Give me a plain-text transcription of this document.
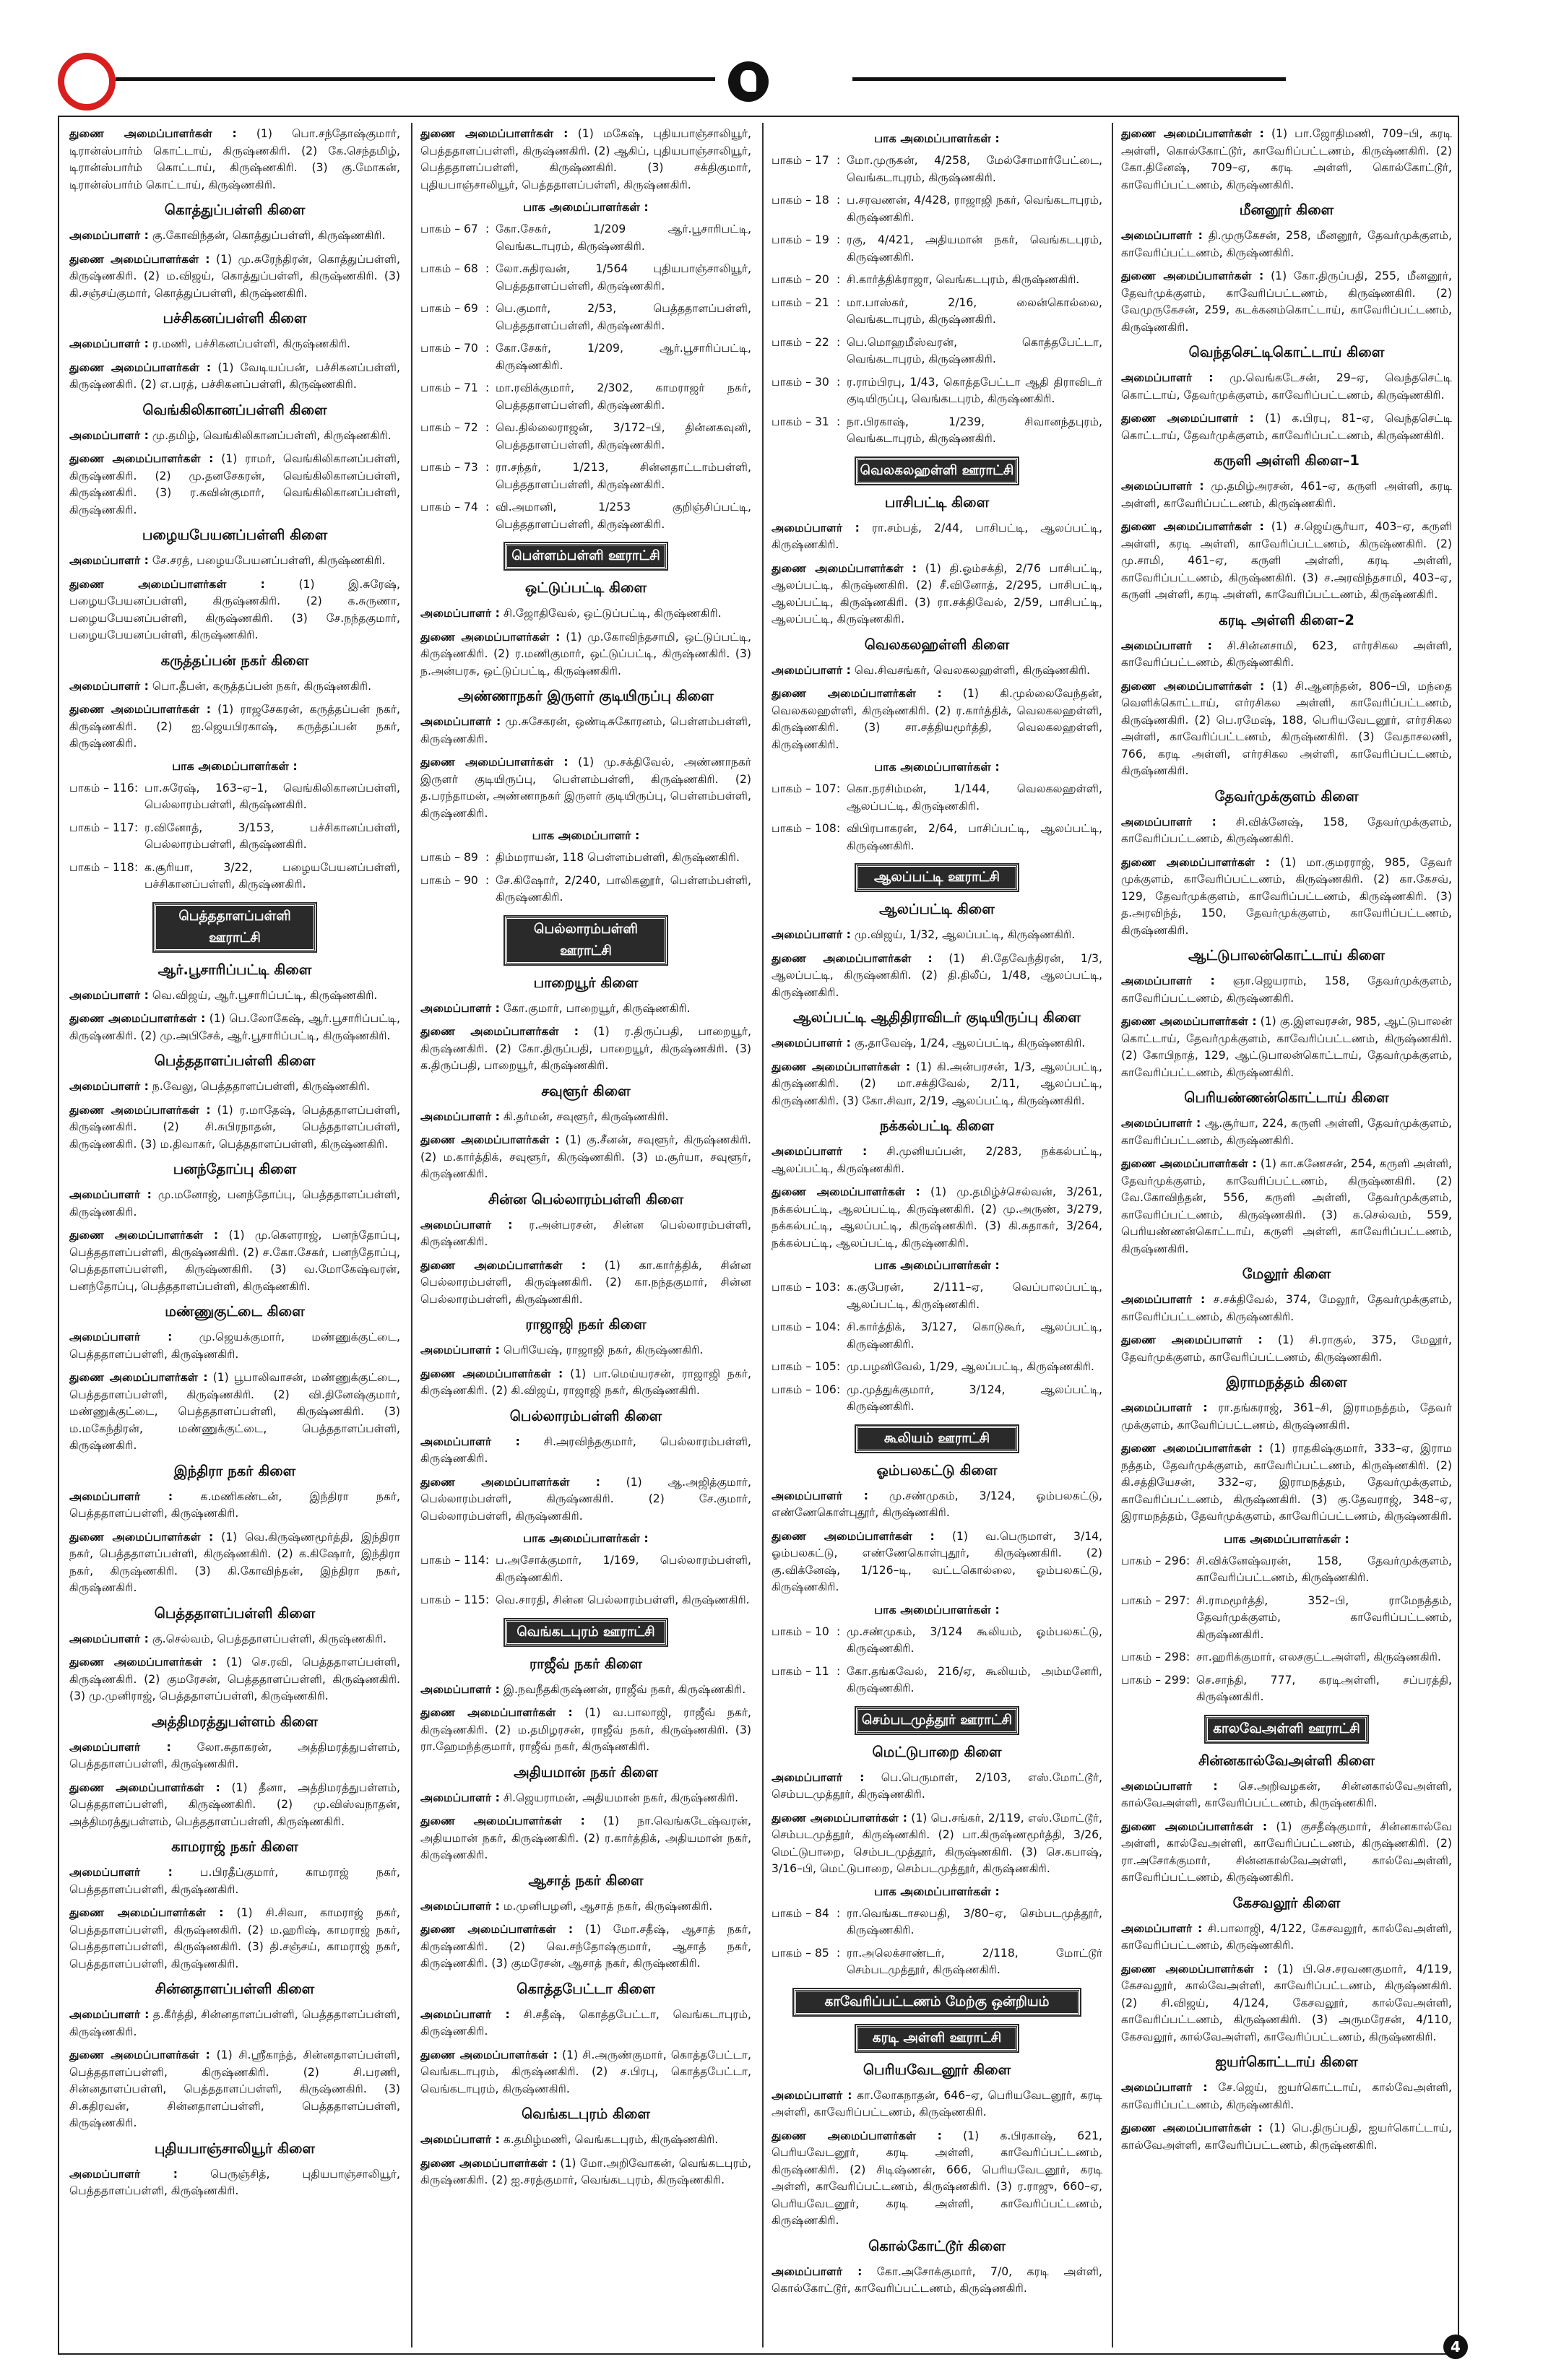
துணை அமைப்பாளர்கள் : (1) பொ.சந்தோஷ்குமார், டிரான்ஸ்பார்ம் கொட்டாய், கிருஷ்ணகிரி. (2) கே.செந்தமிழ், டிரான்ஸ்பார்ம் கொட்டாய், கிருஷ்ணகிரி. (3) கு.மோகன், டிரான்ஸ்பார்ம் கொட்டாய், கிருஷ்ணகிரி.

கொத்துப்பள்ளி கிளை

அமைப்பாளர் : கு.கோவிந்தன், கொத்துப்பள்ளி, கிருஷ்ணகிரி.

துணை அமைப்பாளர்கள் : (1) மு.சுரேந்திரன், கொத்துப்பள்ளி, கிருஷ்ணகிரி. (2) ம.விஜய், கொத்துப்பள்ளி, கிருஷ்ணகிரி. (3) கி.சஞ்சய்குமார், கொத்துப்பள்ளி, கிருஷ்ணகிரி.

பச்சிகனப்பள்ளி கிளை

அமைப்பாளர் : ர.மணி, பச்சிகனப்பள்ளி, கிருஷ்ணகிரி.

துணை அமைப்பாளர்கள் : (1) வேடியப்பன், பச்சிகனப்பள்ளி, கிருஷ்ணகிரி. (2) எ.பரத், பச்சிகனப்பள்ளி, கிருஷ்ணகிரி.

வெங்கிலிகானப்பள்ளி கிளை

அமைப்பாளர் : மு.தமிழ், வெங்கிலிகானப்பள்ளி, கிருஷ்ணகிரி.

துணை அமைப்பாளர்கள் : (1) ராமர், வெங்கிலிகானப்பள்ளி, கிருஷ்ணகிரி. (2) மு.தனசேகரன், வெங்கிலிகானப்பள்ளி, கிருஷ்ணகிரி. (3) ர.கவின்குமார், வெங்கிலிகானப்பள்ளி, கிருஷ்ணகிரி.

பழையபேயனப்பள்ளி கிளை

அமைப்பாளர் : சே.சரத், பழையபேயனப்பள்ளி, கிருஷ்ணகிரி.

துணை அமைப்பாளர்கள் :	(1) இ.சுரேஷ், பழையபேயனப்பள்ளி, கிருஷ்ணகிரி. (2) க.சுருணா, பழையபேயனப்பள்ளி, கிருஷ்ணகிரி. (3) சே.நந்தகுமார், பழையபேயனப்பள்ளி, கிருஷ்ணகிரி.

கருத்தப்பன் நகர் கிளை

அமைப்பாளர் : பொ.தீபன், கருத்தப்பன் நகர், கிருஷ்ணகிரி.

துணை அமைப்பாளர்கள் : (1) ராஜசேகரன், கருத்தப்பன் நகர், கிருஷ்ணகிரி. (2) ஐ.ஜெயபிரகாஷ், கருத்தப்பன் நகர், கிருஷ்ணகிரி.

பாக அமைப்பாளர்கள் :
பாகம் – 116 : பா.சுரேஷ், 163–ஏ–1, வெங்கிலிகானப்பள்ளி, பெல்லாரம்பள்ளி, கிருஷ்ணகிரி.
பாகம் – 117 : ர.வினோத், 3/153, பச்சிகானப்பள்ளி, பெல்லாரம்பள்ளி, கிருஷ்ணகிரி.
பாகம் – 118 : க.சூரியா, 3/22, பழையபேயனப்பள்ளி, பச்சிகானப்பள்ளி, கிருஷ்ணகிரி.
பெத்ததாளப்பள்ளி ஊராட்சி
ஆர்.பூசாரிப்பட்டி கிளை

அமைப்பாளர் : வெ.விஜய், ஆர்.பூசாரிப்பட்டி, கிருஷ்ணகிரி.

துணை அமைப்பாளர்கள் : (1) பெ.லோகேஷ், ஆர்.பூசாரிப்பட்டி, கிருஷ்ணகிரி. (2) மு.அபிசேக், ஆர்.பூசாரிப்பட்டி, கிருஷ்ணகிரி.

பெத்ததாளப்பள்ளி கிளை

அமைப்பாளர் : ந.வேலு, பெத்ததாளப்பள்ளி, கிருஷ்ணகிரி.

துணை அமைப்பாளர்கள் : (1) ர.மாதேஷ், பெத்ததாளப்பள்ளி, கிருஷ்ணகிரி. (2) சி.சுபிரநாதன், பெத்ததாளப்பள்ளி, கிருஷ்ணகிரி. (3) ம.திவாகர், பெத்ததாளப்பள்ளி, கிருஷ்ணகிரி.

பனந்தோப்பு கிளை

அமைப்பாளர் : மு.மனோஜ், பனந்தோப்பு, பெத்ததாளப்பள்ளி, கிருஷ்ணகிரி.

துணை அமைப்பாளர்கள் : (1) மு.கௌராஜ், பனந்தோப்பு, பெத்ததாளப்பள்ளி, கிருஷ்ணகிரி. (2) ச.கோ.சேகர், பனந்தோப்பு, பெத்ததாளப்பள்ளி, கிருஷ்ணகிரி. (3) வ.மோகேஷ்வரன், பனந்தோப்பு, பெத்ததாளப்பள்ளி, கிருஷ்ணகிரி.

மண்ணுகுட்டை கிளை

அமைப்பாளர் : மு.ஜெயக்குமார், மண்ணுக்குட்டை, பெத்ததாளப்பள்ளி, கிருஷ்ணகிரி.

துணை அமைப்பாளர்கள் : (1) பூபாலிவாசன், மண்ணுக்குட்டை, பெத்ததாளப்பள்ளி, கிருஷ்ணகிரி. (2) வி.தினேஷ்குமார், மண்ணுக்குட்டை, பெத்ததாளப்பள்ளி, கிருஷ்ணகிரி. (3) ம.மகேந்திரன், மண்ணுக்குட்டை, பெத்ததாளப்பள்ளி, கிருஷ்ணகிரி.

இந்திரா நகர் கிளை

அமைப்பாளர் : க.மணிகண்டன், இந்திரா நகர், பெத்ததாளப்பள்ளி, கிருஷ்ணகிரி.

துணை அமைப்பாளர்கள் : (1) வெ.கிருஷ்ணமூர்த்தி, இந்திரா நகர், பெத்ததாளப்பள்ளி, கிருஷ்ணகிரி. (2) க.கிஷோர், இந்திரா நகர், கிருஷ்ணகிரி. (3) கி.கோவிந்தன், இந்திரா நகர், கிருஷ்ணகிரி.

பெத்ததாளப்பள்ளி கிளை

அமைப்பாளர் : கு.செல்வம், பெத்ததாளப்பள்ளி, கிருஷ்ணகிரி.

துணை அமைப்பாளர்கள் : (1) செ.ரவி, பெத்ததாளப்பள்ளி, கிருஷ்ணகிரி. (2) குமரேசன், பெத்ததாளப்பள்ளி, கிருஷ்ணகிரி. (3) மு.முனிராஜ், பெத்ததாளப்பள்ளி, கிருஷ்ணகிரி.

அத்திமரத்துபள்ளம் கிளை

அமைப்பாளர் : லோ.சுதாகரன், அத்திமரத்துபள்ளம், பெத்ததாளப்பள்ளி, கிருஷ்ணகிரி.

துணை அமைப்பாளர்கள் : (1) தீனா, அத்திமரத்துபள்ளம், பெத்ததாளப்பள்ளி, கிருஷ்ணகிரி. (2) மு.விஸ்வநாதன், அத்திமரத்துபள்ளம், பெத்ததாளப்பள்ளி, கிருஷ்ணகிரி.

காமராஜ் நகர் கிளை

அமைப்பாளர் : ப.பிரதீப்குமார், காமராஜ் நகர், பெத்ததாளப்பள்ளி, கிருஷ்ணகிரி.

துணை அமைப்பாளர்கள் : (1) சி.சிவா, காமராஜ் நகர், பெத்ததாளப்பள்ளி, கிருஷ்ணகிரி. (2) ம.ஹரிஷ், காமராஜ் நகர், பெத்ததாளப்பள்ளி, கிருஷ்ணகிரி. (3) தி.சஞ்சய், காமராஜ் நகர், பெத்ததாளப்பள்ளி, கிருஷ்ணகிரி.

சின்னதாளப்பள்ளி கிளை

அமைப்பாளர் : த.கீர்த்தி, சின்னதாளப்பள்ளி, பெத்ததாளப்பள்ளி, கிருஷ்ணகிரி.

துணை அமைப்பாளர்கள் : (1) சி.ஸ்ரீகாந்த், சின்னதாளப்பள்ளி, பெத்ததாளப்பள்ளி, கிருஷ்ணகிரி. (2) சி.பரணி, சின்னதாளப்பள்ளி, பெத்ததாளப்பள்ளி, கிருஷ்ணகிரி. (3) சி.கதிரவன், சின்னதாளப்பள்ளி, பெத்ததாளப்பள்ளி, கிருஷ்ணகிரி.

புதியபாஞ்சாலியூர் கிளை

அமைப்பாளர் :	பெருஞ்சித், புதியபாஞ்சாலியூர், பெத்ததாளப்பள்ளி, கிருஷ்ணகிரி.

துணை அமைப்பாளர்கள் : (1) மகேஷ், புதியபாஞ்சாலியூர், பெத்ததாளப்பள்ளி, கிருஷ்ணகிரி. (2) ஆகிப், புதியபாஞ்சாலியூர், பெத்ததாளப்பள்ளி, கிருஷ்ணகிரி. (3) சக்திகுமார், புதியபாஞ்சாலியூர், பெத்ததாளப்பள்ளி, கிருஷ்ணகிரி.

பாக அமைப்பாளர்கள் :
பாகம் – 67 : கோ.சேகர், 1/209 ஆர்.பூசாரிபட்டி, வெங்கடாபுரம், கிருஷ்ணகிரி.
பாகம் – 68 : லோ.சுதிரவன், 1/564 புதியபாஞ்சாலியூர், பெத்ததாளப்பள்ளி, கிருஷ்ணகிரி.
பாகம் – 69 : பெ.குமார், 2/53, பெத்ததாளப்பள்ளி, பெத்ததாளப்பள்ளி, கிருஷ்ணகிரி.
பாகம் – 70 : கோ.சேகர், 1/209, ஆர்.பூசாரிப்பட்டி, கிருஷ்ணகிரி.
பாகம் – 71 : மா.ரவிக்குமார், 2/302, காமராஜர் நகர், பெத்ததாளப்பள்ளி, கிருஷ்ணகிரி.
பாகம் – 72 : வெ.தில்லைராஜன், 3/172–பி, தின்னகவுனி, பெத்ததாளப்பள்ளி, கிருஷ்ணகிரி.
பாகம் – 73 : ரா.சந்தர், 1/213, சின்னதாட்டாம்பள்ளி, பெத்ததாளப்பள்ளி, கிருஷ்ணகிரி.
பாகம் – 74 : வி.அமானி, 1/253 குறிஞ்சிப்பட்டி, பெத்ததாளப்பள்ளி, கிருஷ்ணகிரி.
பெள்ளம்பள்ளி ஊராட்சி
ஒட்டுப்பட்டி கிளை

அமைப்பாளர் : சி.ஜோதிவேல், ஒட்டுப்பட்டி, கிருஷ்ணகிரி.

துணை அமைப்பாளர்கள் : (1) மு.கோவிந்தசாமி, ஒட்டுப்பட்டி, கிருஷ்ணகிரி. (2) ர.மணிகுமார், ஒட்டுப்பட்டி, கிருஷ்ணகிரி. (3) ந.அன்பரசு, ஒட்டுப்பட்டி, கிருஷ்ணகிரி.

அண்ணாநகர் இருளர் குடியிருப்பு கிளை

அமைப்பாளர் : மு.சுசேகரன், ஒண்டிசுகோரனம், பெள்ளம்பள்ளி, கிருஷ்ணகிரி.

துணை அமைப்பாளர்கள் : (1) மு.சக்திவேல், அண்ணாநகர் இருளர் குடியிருப்பு, பெள்ளம்பள்ளி, கிருஷ்ணகிரி. (2) த.பரந்தாமன், அண்ணாநகர் இருளர் குடியிருப்பு, பெள்ளம்பள்ளி, கிருஷ்ணகிரி.

பாக அமைப்பாளர் :
பாகம் – 89 : திம்மராயன், 118 பெள்ளம்பள்ளி, கிருஷ்ணகிரி.
பாகம் – 90 : சே.கிஷோர், 2/240, பாலிகனூர், பெள்ளம்பள்ளி, கிருஷ்ணகிரி.
பெல்லாரம்பள்ளி ஊராட்சி
பாறையூர் கிளை

அமைப்பாளர் : கோ.குமார், பாறையூர், கிருஷ்ணகிரி.

துணை அமைப்பாளர்கள் : (1) ர.திருப்பதி, பாறையூர், கிருஷ்ணகிரி. (2) கோ.திருப்பதி, பாறையூர், கிருஷ்ணகிரி. (3) க.திருப்பதி, பாறையூர், கிருஷ்ணகிரி.

சவுளூர் கிளை

அமைப்பாளர் : கி.தர்மன், சவுளூர், கிருஷ்ணகிரி.

துணை அமைப்பாளர்கள் : (1) கு.சீனன், சவுளூர், கிருஷ்ணகிரி. (2) ம.கார்த்திக், சவுளூர், கிருஷ்ணகிரி. (3) ம.சூர்யா, சவுளூர், கிருஷ்ணகிரி.

சின்ன பெல்லாரம்பள்ளி கிளை

அமைப்பாளர் : ர.அன்பரசன், சின்ன பெல்லாரம்பள்ளி, கிருஷ்ணகிரி.

துணை அமைப்பாளர்கள் : (1) கா.கார்த்திக், சின்ன பெல்லாரம்பள்ளி, கிருஷ்ணகிரி. (2) கா.நந்தகுமார், சின்ன பெல்லாரம்பள்ளி, கிருஷ்ணகிரி.

ராஜாஜி நகர் கிளை

அமைப்பாளர் : பெரியேஷ், ராஜாஜி நகர், கிருஷ்ணகிரி.

துணை அமைப்பாளர்கள் : (1) பா.மெய்யரசன், ராஜாஜி நகர், கிருஷ்ணகிரி. (2) கி.விஜய், ராஜாஜி நகர், கிருஷ்ணகிரி.

பெல்லாரம்பள்ளி கிளை

அமைப்பாளர் : சி.அரவிந்தகுமார், பெல்லாரம்பள்ளி, கிருஷ்ணகிரி.

துணை அமைப்பாளர்கள் : (1) ஆ.அஜித்குமார், பெல்லாரம்பள்ளி, கிருஷ்ணகிரி. (2) சே.குமார், பெல்லாரம்பள்ளி, கிருஷ்ணகிரி.

பாக அமைப்பாளர்கள் :
பாகம் – 114 : ப.அசோக்குமார், 1/169, பெல்லாரம்பள்ளி, கிருஷ்ணகிரி.
பாகம் – 115 : வெ.சாரதி, சின்ன பெல்லாரம்பள்ளி, கிருஷ்ணகிரி.
வெங்கடபுரம் ஊராட்சி
ராஜீவ் நகர் கிளை

அமைப்பாளர் : இ.நவநீதகிருஷ்ணன், ராஜீவ் நகர், கிருஷ்ணகிரி.

துணை அமைப்பாளர்கள் : (1) வ.பாலாஜி, ராஜீவ் நகர், கிருஷ்ணகிரி. (2) ம.தமிழரசன், ராஜீவ் நகர், கிருஷ்ணகிரி. (3) ரா.ஹேமந்த்குமார், ராஜீவ் நகர், கிருஷ்ணகிரி.

அதியமான் நகர் கிளை

அமைப்பாளர் : சி.ஜெயராமன், அதியமான் நகர், கிருஷ்ணகிரி.

துணை அமைப்பாளர்கள் : (1) நா.வெங்கடேஷ்வரன், அதியமான் நகர், கிருஷ்ணகிரி. (2) ர.கார்த்திக், அதியமான் நகர், கிருஷ்ணகிரி.

ஆசாத் நகர் கிளை

அமைப்பாளர் : ம.முனிபழனி, ஆசாத் நகர், கிருஷ்ணகிரி.

துணை அமைப்பாளர்கள் : (1) மோ.சதீஷ், ஆசாத் நகர், கிருஷ்ணகிரி. (2) வெ.சந்தோஷ்குமார், ஆசாத் நகர், கிருஷ்ணகிரி. (3) குமரேசன், ஆசாத் நகர், கிருஷ்ணகிரி.

கொத்தபேட்டா கிளை

அமைப்பாளர் : சி.சதீஷ், கொத்தபேட்டா, வெங்கடாபுரம், கிருஷ்ணகிரி.

துணை அமைப்பாளர்கள் : (1) சி.அருண்குமார், கொத்தபேட்டா, வெங்கடாபுரம், கிருஷ்ணகிரி. (2) ச.பிரபு, கொத்தபேட்டா, வெங்கடாபுரம், கிருஷ்ணகிரி.

வெங்கடபுரம் கிளை

அமைப்பாளர் : க.தமிழ்மணி, வெங்கடபுரம், கிருஷ்ணகிரி.

துணை அமைப்பாளர்கள் : (1) மோ.அறிவோகன், வெங்கடபுரம், கிருஷ்ணகிரி. (2) ஐ.சரத்குமார், வெங்கடபுரம், கிருஷ்ணகிரி.

பாக அமைப்பாளர்கள் :
பாகம் – 17 : மோ.முருகன், 4/258, மேல்சோமார்பேட்டை, வெங்கடாபுரம், கிருஷ்ணகிரி.
பாகம் – 18 : ப.சரவணன், 4/428, ராஜாஜி நகர், வெங்கடாபுரம், கிருஷ்ணகிரி.
பாகம் – 19 : ரகு, 4/421, அதியமான் நகர், வெங்கடபுரம், கிருஷ்ணகிரி.
பாகம் – 20 : சி.கார்த்திக்ராஜா, வெங்கடபுரம், கிருஷ்ணகிரி.
பாகம் – 21 : மா.பாஸ்கர், 2/16, லைன்கொல்லை, வெங்கடாபுரம், கிருஷ்ணகிரி.
பாகம் – 22 : பெ.மொஹமீஸ்வரன், கொத்தபேட்டா, வெங்கடாபுரம், கிருஷ்ணகிரி.
பாகம் – 30 : ர.ராம்பிரபு, 1/43, கொத்தபேட்டா ஆதி திராவிடர் குடியிருப்பு, வெங்கடபுரம், கிருஷ்ணகிரி.
பாகம் – 31 : நா.பிரகாஷ், 1/239, சிவானந்தபுரம், வெங்கடாபுரம், கிருஷ்ணகிரி.
வெலகலஹள்ளி ஊராட்சி
பாசிபட்டி கிளை

அமைப்பாளர் : ரா.சம்பத், 2/44, பாசிபட்டி, ஆலப்பட்டி, கிருஷ்ணகிரி.

துணை அமைப்பாளர்கள் : (1) தி.ஓம்சக்தி, 2/76 பாசிபட்டி, ஆலப்பட்டி, கிருஷ்ணகிரி. (2) சீ.வினோத், 2/295, பாசிபட்டி, ஆலப்பட்டி, கிருஷ்ணகிரி. (3) ரா.சக்திவேல், 2/59, பாசிபட்டி, ஆலப்பட்டி, கிருஷ்ணகிரி.

வெலகலஹள்ளி கிளை

அமைப்பாளர் : வெ.சிவசங்கர், வெலகலஹள்ளி, கிருஷ்ணகிரி.

துணை அமைப்பாளர்கள் : (1) கி.முல்லைவேந்தன், வெலகலஹள்ளி, கிருஷ்ணகிரி. (2) ர.கார்த்திக், வெலகலஹள்ளி, கிருஷ்ணகிரி. (3) சா.சத்தியமூர்த்தி, வெலகலஹள்ளி, கிருஷ்ணகிரி.

பாக அமைப்பாளர்கள் :
பாகம் – 107 : கொ.நரசிம்மன், 1/144, வெலகலஹள்ளி, ஆலப்பட்டி, கிருஷ்ணகிரி.
பாகம் – 108 : விபிரபாகரன், 2/64, பாசிப்பட்டி, ஆலப்பட்டி, கிருஷ்ணகிரி.
ஆலப்பட்டி ஊராட்சி
ஆலப்பட்டி கிளை

அமைப்பாளர் : மு.விஜய், 1/32, ஆலப்பட்டி, கிருஷ்ணகிரி.

துணை அமைப்பாளர்கள் : (1) சி.தேவேந்திரன், 1/3, ஆலப்பட்டி, கிருஷ்ணகிரி. (2) தி.திலீப், 1/48, ஆலப்பட்டி, கிருஷ்ணகிரி.

ஆலப்பட்டி ஆதிதிராவிடர் குடியிருப்பு கிளை

அமைப்பாளர் : கு.தாவேஷ், 1/24, ஆலப்பட்டி, கிருஷ்ணகிரி.

துணை அமைப்பாளர்கள் : (1) கி.அன்பரசன், 1/3, ஆலப்பட்டி, கிருஷ்ணகிரி. (2) மா.சக்திவேல், 2/11, ஆலப்பட்டி, கிருஷ்ணகிரி. (3) கோ.சிவா, 2/19, ஆலப்பட்டி, கிருஷ்ணகிரி.

நக்கல்பட்டி கிளை

அமைப்பாளர் : சி.முனியப்பன், 2/283, நக்கல்பட்டி, ஆலப்பட்டி, கிருஷ்ணகிரி.

துணை அமைப்பாளர்கள் : (1) மு.தமிழ்ச்செல்வன், 3/261, நக்கல்பட்டி, ஆலப்பட்டி, கிருஷ்ணகிரி. (2) மு.அருண், 3/279, நக்கல்பட்டி, ஆலப்பட்டி, கிருஷ்ணகிரி. (3) கி.சுதாகர், 3/264, நக்கல்பட்டி, ஆலப்பட்டி, கிருஷ்ணகிரி.

பாக அமைப்பாளர்கள் :
பாகம் – 103 : க.குபேரன், 2/111–ஏ, வெப்பாலப்பட்டி, ஆலப்பட்டி, கிருஷ்ணகிரி.
பாகம் – 104 : சி.கார்த்திக், 3/127, கொடுகூர், ஆலப்பட்டி, கிருஷ்ணகிரி.
பாகம் – 105 : மு.பழனிவேல், 1/29, ஆலப்பட்டி, கிருஷ்ணகிரி.
பாகம் – 106 : மு.முத்துக்குமார், 3/124, ஆலப்பட்டி, கிருஷ்ணகிரி.
கூலியம் ஊராட்சி
ஓம்பலகட்டு கிளை

அமைப்பாளர் : மு.சண்முகம், 3/124, ஓம்பலகட்டு, எண்ணேகொள்புதூர், கிருஷ்ணகிரி.

துணை அமைப்பாளர்கள் : (1) வ.பெருமாள், 3/14, ஓம்பலகட்டு, எண்ணேகொள்புதூர், கிருஷ்ணகிரி. (2) கு.விக்னேஷ், 1/126–டி, வட்டகொல்லை, ஓம்பலகட்டு, கிருஷ்ணகிரி.

பாக அமைப்பாளர்கள் :
பாகம் – 10 : மு.சண்முகம், 3/124 கூலியம், ஓம்பலகட்டு, கிருஷ்ணகிரி.
பாகம் – 11 : கோ.தங்கவேல், 216/ஏ, கூலியம், அம்மனேரி, கிருஷ்ணகிரி.
செம்படமுத்தூர் ஊராட்சி
மெட்டுபாறை கிளை

அமைப்பாளர் : பெ.பெருமாள், 2/103, எஸ்.மோட்டூர், செம்படமுத்தூர், கிருஷ்ணகிரி.

துணை அமைப்பாளர்கள் : (1) பெ.சங்கர், 2/119, எஸ்.மோட்டூர், செம்படமுத்தூர், கிருஷ்ணகிரி. (2) பா.கிருஷ்ணமூர்த்தி, 3/26, மெட்டுபாறை, செம்படமுத்தூர், கிருஷ்ணகிரி. (3) செ.கபாஷ், 3/16–பி, மெட்டுபாறை, செம்படமுத்தூர், கிருஷ்ணகிரி.

பாக அமைப்பாளர்கள் :
பாகம் – 84 : ரா.வெங்கடாசலபதி, 3/80–ஏ, செம்படமுத்தூர், கிருஷ்ணகிரி.
பாகம் – 85 : ரா.அலெக்சாண்டர், 2/118, மோட்டூர் செம்படமுத்தூர், கிருஷ்ணகிரி.
காவேரிப்பட்டணம் மேற்கு ஒன்றியம்
கரடி அள்ளி ஊராட்சி
பெரியவேடனூர் கிளை

அமைப்பாளர் : கா.லோகநாதன், 646–ஏ, பெரியவேடனூர், கரடி அள்ளி, காவேரிப்பட்டணம், கிருஷ்ணகிரி.

துணை அமைப்பாளர்கள் : (1) க.பிரகாஷ், 621, பெரியவேடனூர், கரடி அள்ளி, காவேரிப்பட்டணம், கிருஷ்ணகிரி. (2) சிடிஷ்ணன், 666, பெரியவேடனூர், கரடி அள்ளி, காவேரிப்பட்டணம், கிருஷ்ணகிரி. (3) ர.ராஜு, 660–ஏ, பெரியவேடனூர், கரடி அள்ளி, காவேரிப்பட்டணம், கிருஷ்ணகிரி.

கொல்கோட்டூர் கிளை

அமைப்பாளர் : கோ.அசோக்குமார், 7/0, கரடி அள்ளி, கொல்கோட்டூர், காவேரிப்பட்டணம், கிருஷ்ணகிரி.

துணை அமைப்பாளர்கள் : (1) பா.ஜோதிமணி, 709–பி, கரடி அள்ளி, கொல்கோட்டூர், காவேரிப்பட்டணம், கிருஷ்ணகிரி. (2) கோ.தினேஷ், 709–ஏ, கரடி அள்ளி, கொல்கோட்டூர், காவேரிப்பட்டணம், கிருஷ்ணகிரி.

மீனனூர் கிளை

அமைப்பாளர் : தி.முருகேசன், 258, மீனனூர், தேவர்முக்குளம், காவேரிப்பட்டணம், கிருஷ்ணகிரி.

துணை அமைப்பாளர்கள் : (1) கோ.திருப்பதி, 255, மீனனூர், தேவர்முக்குளம், காவேரிப்பட்டணம், கிருஷ்ணகிரி. (2) வேமுருகேசன், 259, கடக்கனம்கொட்டாய், காவேரிப்பட்டணம், கிருஷ்ணகிரி.

வெந்தசெட்டிகொட்டாய் கிளை

அமைப்பாளர் : மு.வெங்கடேசன், 29–ஏ, வெந்தசெட்டி கொட்டாய், தேவர்முக்குளம், காவேரிப்பட்டணம், கிருஷ்ணகிரி.

துணை அமைப்பாளர் : (1) க.பிரபு, 81–ஏ, வெந்தசெட்டி கொட்டாய், தேவர்முக்குளம், காவேரிப்பட்டணம், கிருஷ்ணகிரி.

கருளி அள்ளி கிளை–1

அமைப்பாளர் : மு.தமிழ்அரசன், 461–ஏ, கருளி அள்ளி, கரடி அள்ளி, காவேரிப்பட்டணம், கிருஷ்ணகிரி.

துணை அமைப்பாளர்கள் : (1) ச.ஜெய்சூர்யா, 403–ஏ, கருளி அள்ளி, கரடி அள்ளி, காவேரிப்பட்டணம், கிருஷ்ணகிரி. (2) மு.சாமி, 461–ஏ, கருளி அள்ளி, கரடி அள்ளி, காவேரிப்பட்டணம், கிருஷ்ணகிரி. (3) ச.அரவிந்தசாமி, 403–ஏ, கருளி அள்ளி, கரடி அள்ளி, காவேரிப்பட்டணம், கிருஷ்ணகிரி.

கரடி அள்ளி கிளை–2

அமைப்பாளர் : சி.சின்னசாமி, 623, எர்ரசிகல அள்ளி, காவேரிப்பட்டணம், கிருஷ்ணகிரி.

துணை அமைப்பாளர்கள் : (1) சி.ஆனந்தன், 806–பி, மந்தை வெளிக்கொட்டாய், எர்ரசிகல அள்ளி, காவேரிப்பட்டணம், கிருஷ்ணகிரி. (2) பெ.ரமேஷ், 188, பெரியவேடனூர், எர்ரசிகல அள்ளி, காவேரிப்பட்டணம், கிருஷ்ணகிரி. (3) வேதாசலணி, 766, கரடி அள்ளி, எர்ரசிகல அள்ளி, காவேரிப்பட்டணம், கிருஷ்ணகிரி.

தேவர்முக்குளம் கிளை

அமைப்பாளர் : சி.விக்னேஷ், 158, தேவர்முக்குளம், காவேரிப்பட்டணம், கிருஷ்ணகிரி.

துணை அமைப்பாளர்கள் : (1) மா.குமரராஜ், 985, தேவர் முக்குளம், காவேரிப்பட்டணம், கிருஷ்ணகிரி. (2) கா.கேசவ், 129, தேவர்முக்குளம், காவேரிப்பட்டணம், கிருஷ்ணகிரி. (3) த.அரவிந்த், 150, தேவர்முக்குளம், காவேரிப்பட்டணம், கிருஷ்ணகிரி.

ஆட்டுபாலன்கொட்டாய் கிளை

அமைப்பாளர் : ஞா.ஜெயராம், 158, தேவர்முக்குளம், காவேரிப்பட்டணம், கிருஷ்ணகிரி.

துணை அமைப்பாளர்கள் : (1) கு.இளவரசன், 985, ஆட்டுபாலன் கொட்டாய், தேவர்முக்குளம், காவேரிப்பட்டணம், கிருஷ்ணகிரி. (2) கோபிநாத், 129, ஆட்டுபாலன்கொட்டாய், தேவர்முக்குளம், காவேரிப்பட்டணம், கிருஷ்ணகிரி.

பெரியண்ணன்கொட்டாய் கிளை

அமைப்பாளர் : ஆ.சூர்யா, 224, கருளி அள்ளி, தேவர்முக்குளம், காவேரிப்பட்டணம், கிருஷ்ணகிரி.

துணை அமைப்பாளர்கள் : (1) கா.கணேசன், 254, கருளி அள்ளி, தேவர்முக்குளம், காவேரிப்பட்டணம், கிருஷ்ணகிரி. (2) வே.கோவிந்தன், 556, கருளி அள்ளி, தேவர்முக்குளம், காவேரிப்பட்டணம், கிருஷ்ணகிரி. (3) க.செல்வம், 559, பெரியண்ணன்கொட்டாய், கருளி அள்ளி, காவேரிப்பட்டணம், கிருஷ்ணகிரி.

மேலூர் கிளை

அமைப்பாளர் : ச.சக்திவேல், 374, மேலூர், தேவர்முக்குளம், காவேரிப்பட்டணம், கிருஷ்ணகிரி.

துணை அமைப்பாளர் : (1) சி.ராகுல், 375, மேலூர், தேவர்முக்குளம், காவேரிப்பட்டணம், கிருஷ்ணகிரி.

இராமநத்தம் கிளை

அமைப்பாளர் : ரா.தங்கராஜ், 361–சி, இராமநத்தம், தேவர் முக்குளம், காவேரிப்பட்டணம், கிருஷ்ணகிரி.

துணை அமைப்பாளர்கள் : (1) ராதகிஷ்குமார், 333–ஏ, இராம நத்தம், தேவர்முக்குளம், காவேரிப்பட்டணம், கிருஷ்ணகிரி. (2) கி.சத்தியேசன், 332–ஏ, இராமநத்தம், தேவர்முக்குளம், காவேரிப்பட்டணம், கிருஷ்ணகிரி. (3) கு.தேவராஜ், 348–ஏ, இராமநத்தம், தேவர்முக்குளம், காவேரிப்பட்டணம், கிருஷ்ணகிரி.

பாக அமைப்பாளர்கள் :
பாகம் – 296 : சி.விக்னேஷ்வரன், 158, தேவர்முக்குளம், காவேரிப்பட்டணம், கிருஷ்ணகிரி.
பாகம் – 297 : சி.ராமமூர்த்தி, 352–பி, ராமேநத்தம், தேவர்முக்குளம், காவேரிப்பட்டணம், கிருஷ்ணகிரி.
பாகம் – 298 : சா.ஹரிக்குமார், எலசகுட்டஅள்ளி, கிருஷ்ணகிரி.
பாகம் – 299 : செ.சாந்தி, 777, கரடிஅள்ளி, சப்பரத்தி, கிருஷ்ணகிரி.
காலவேஅள்ளி ஊராட்சி
சின்னகால்வேஅள்ளி கிளை

அமைப்பாளர் : செ.அறிவழகன், சின்னகால்வேஅள்ளி, கால்வேஅள்ளி, காவேரிப்பட்டணம், கிருஷ்ணகிரி.

துணை அமைப்பாளர்கள் : (1) குசதீஷ்குமார், சின்னகால்வே அள்ளி, கால்வேஅள்ளி, காவேரிப்பட்டணம், கிருஷ்ணகிரி. (2) ரா.அசோக்குமார், சின்னகால்வேஅள்ளி, கால்வேஅள்ளி, காவேரிப்பட்டணம், கிருஷ்ணகிரி.

கேசவலூர் கிளை

அமைப்பாளர் : சி.பாலாஜி, 4/122, கேசவலூர், கால்வேஅள்ளி, காவேரிப்பட்டணம், கிருஷ்ணகிரி.

துணை அமைப்பாளர்கள் : (1) பி.செ.சரவணகுமார், 4/119, கேசவலூர், கால்வேஅள்ளி, காவேரிப்பட்டணம், கிருஷ்ணகிரி. (2) சி.விஜய், 4/124, கேசவலூர், கால்வேஅள்ளி, காவேரிப்பட்டணம், கிருஷ்ணகிரி. (3) அருமரேசன், 4/110, கேசவலூர், கால்வேஅள்ளி, காவேரிப்பட்டணம், கிருஷ்ணகிரி.

ஐயர்கொட்டாய் கிளை

அமைப்பாளர் : சே.ஜெய், ஐயர்கொட்டாய், கால்வேஅள்ளி, காவேரிப்பட்டணம், கிருஷ்ணகிரி.

துணை அமைப்பாளர்கள் : (1) பெ.திருப்பதி, ஐயர்கொட்டாய், கால்வேஅள்ளி, காவேரிப்பட்டணம், கிருஷ்ணகிரி.

4
